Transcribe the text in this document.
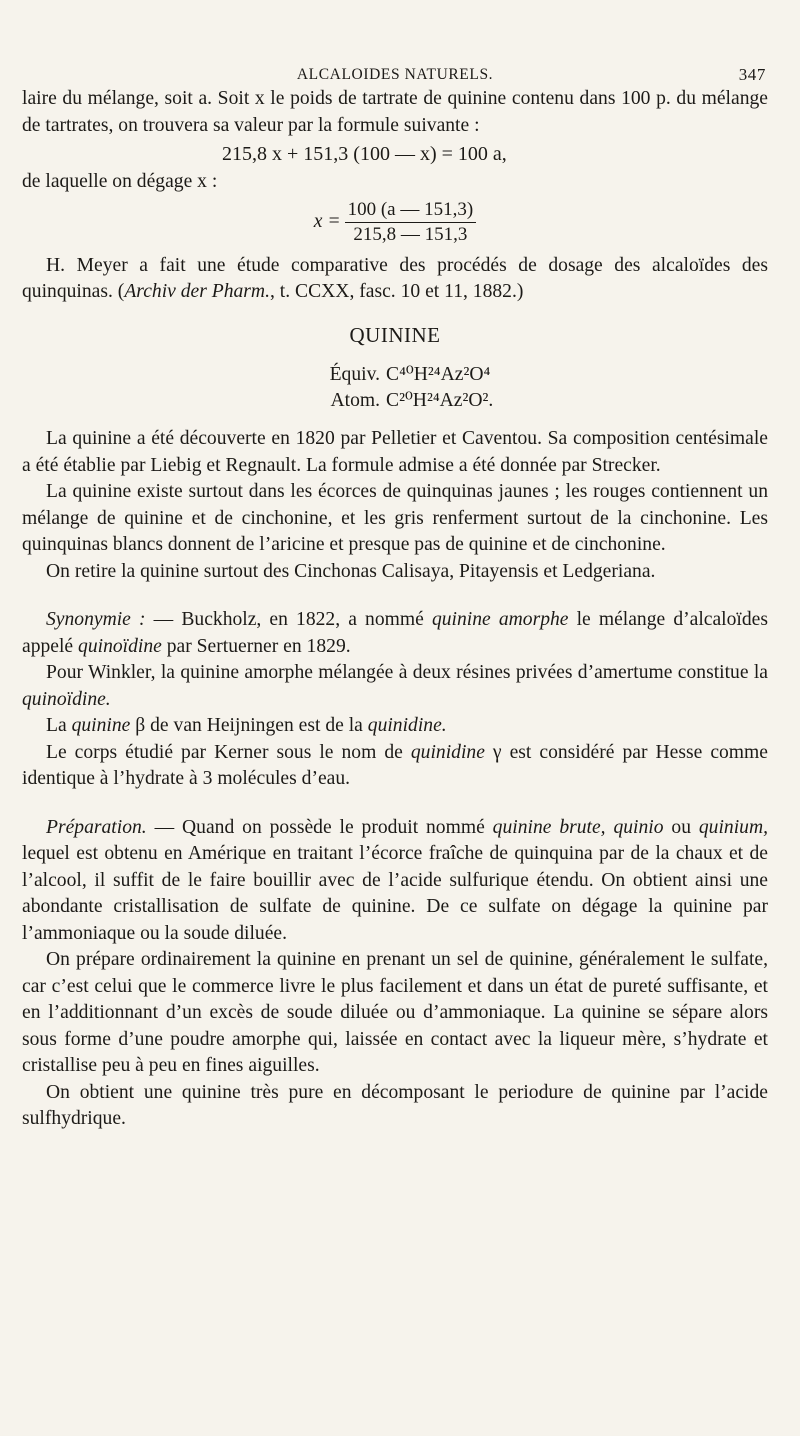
ALCALOIDES NATURELS.	347

laire du mélange, soit a. Soit x le poids de tartrate de quinine contenu dans 100 p. du mélange de tartrates, on trouvera sa valeur par la formule suivante :

215,8 x + 151,3 (100 — x) = 100 a,

de laquelle on dégage x :

$x = \frac{100 (a — 151,3)}{215,8 — 151,3}$

H. Meyer a fait une étude comparative des procédés de dosage des alcaloïdes des quinquinas. (Archiv der Pharm., t. CCXX, fasc. 10 et 11, 1882.)

QUININE
Équiv. C⁴⁰H²⁴Az²O⁴
Atom. C²⁰H²⁴Az²O².

La quinine a été découverte en 1820 par Pelletier et Caventou. Sa composition centésimale a été établie par Liebig et Regnault. La formule admise a été donnée par Strecker.

La quinine existe surtout dans les écorces de quinquinas jaunes ; les rouges contiennent un mélange de quinine et de cinchonine, et les gris renferment surtout de la cinchonine. Les quinquinas blancs donnent de l’aricine et presque pas de quinine et de cinchonine.

On retire la quinine surtout des Cinchonas Calisaya, Pitayensis et Ledgeriana.

Synonymie : — Buckholz, en 1822, a nommé quinine amorphe le mélange d’alcaloïdes appelé quinoïdine par Sertuerner en 1829.

Pour Winkler, la quinine amorphe mélangée à deux résines privées d’amertume constitue la quinoïdine.

La quinine β de van Heijningen est de la quinidine.

Le corps étudié par Kerner sous le nom de quinidine γ est considéré par Hesse comme identique à l’hydrate à 3 molécules d’eau.

Préparation. — Quand on possède le produit nommé quinine brute, quinio ou quinium, lequel est obtenu en Amérique en traitant l’écorce fraîche de quinquina par de la chaux et de l’alcool, il suffit de le faire bouillir avec de l’acide sulfurique étendu. On obtient ainsi une abondante cristallisation de sulfate de quinine. De ce sulfate on dégage la quinine par l’ammoniaque ou la soude diluée.

On prépare ordinairement la quinine en prenant un sel de quinine, généralement le sulfate, car c’est celui que le commerce livre le plus facilement et dans un état de pureté suffisante, et en l’additionnant d’un excès de soude diluée ou d’ammoniaque. La quinine se sépare alors sous forme d’une poudre amorphe qui, laissée en contact avec la liqueur mère, s’hydrate et cristallise peu à peu en fines aiguilles.

On obtient une quinine très pure en décomposant le periodure de quinine par l’acide sulfhydrique.
